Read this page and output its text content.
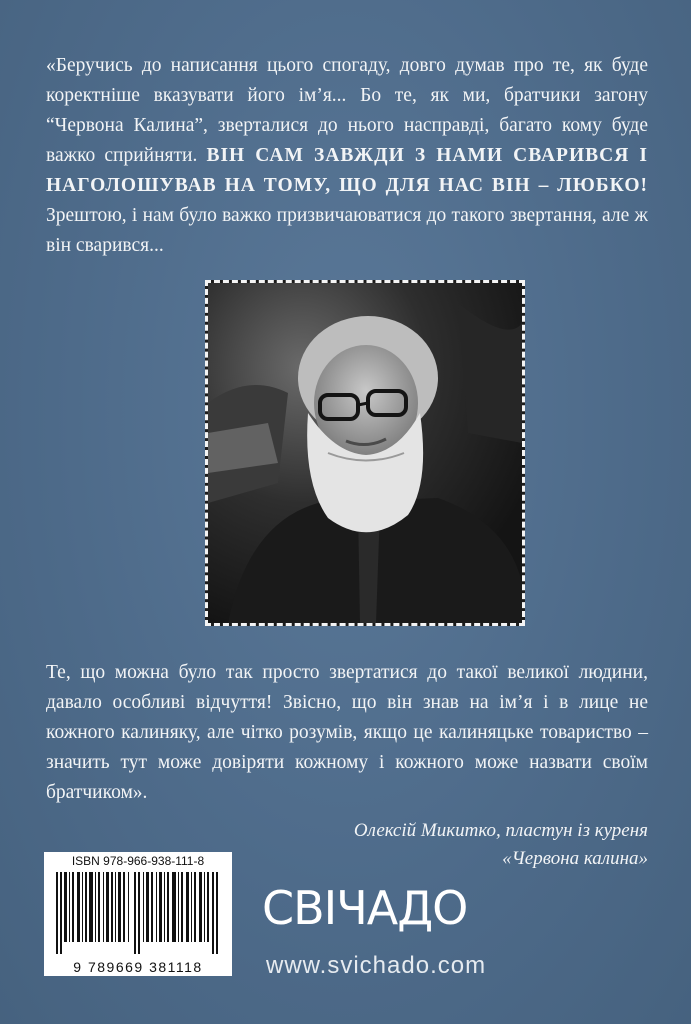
«Беручись до написання цього спогаду, довго думав про те, як буде коректніше вказувати його ім’я... Бо те, як ми, братчики загону “Червона Калина”, зверталися до нього насправді, багато кому буде важко сприйняти. ВІН САМ ЗАВЖДИ З НАМИ СВАРИВСЯ І НАГОЛОШУВАВ НА ТОМУ, ЩО ДЛЯ НАС ВІН – ЛЮБКО! Зрештою, і нам було важко призвичаюватися до такого звертання, але ж він сварився...
Те, що можна було так просто звертатися до такої великої людини, давало особливі відчуття! Звісно, що він знав на ім’я і в лице не кожного калиняку, але чітко розумів, якщо це калиняцьке товариство – значить тут може довіряти кожному і кожного може назвати своїм братчиком».
Олексій Микитко, пластун із куреня
«Червона калина»
ISBN 978-966-938-111-8
9 789669 381118
СВІЧАДО
www.svichado.com
